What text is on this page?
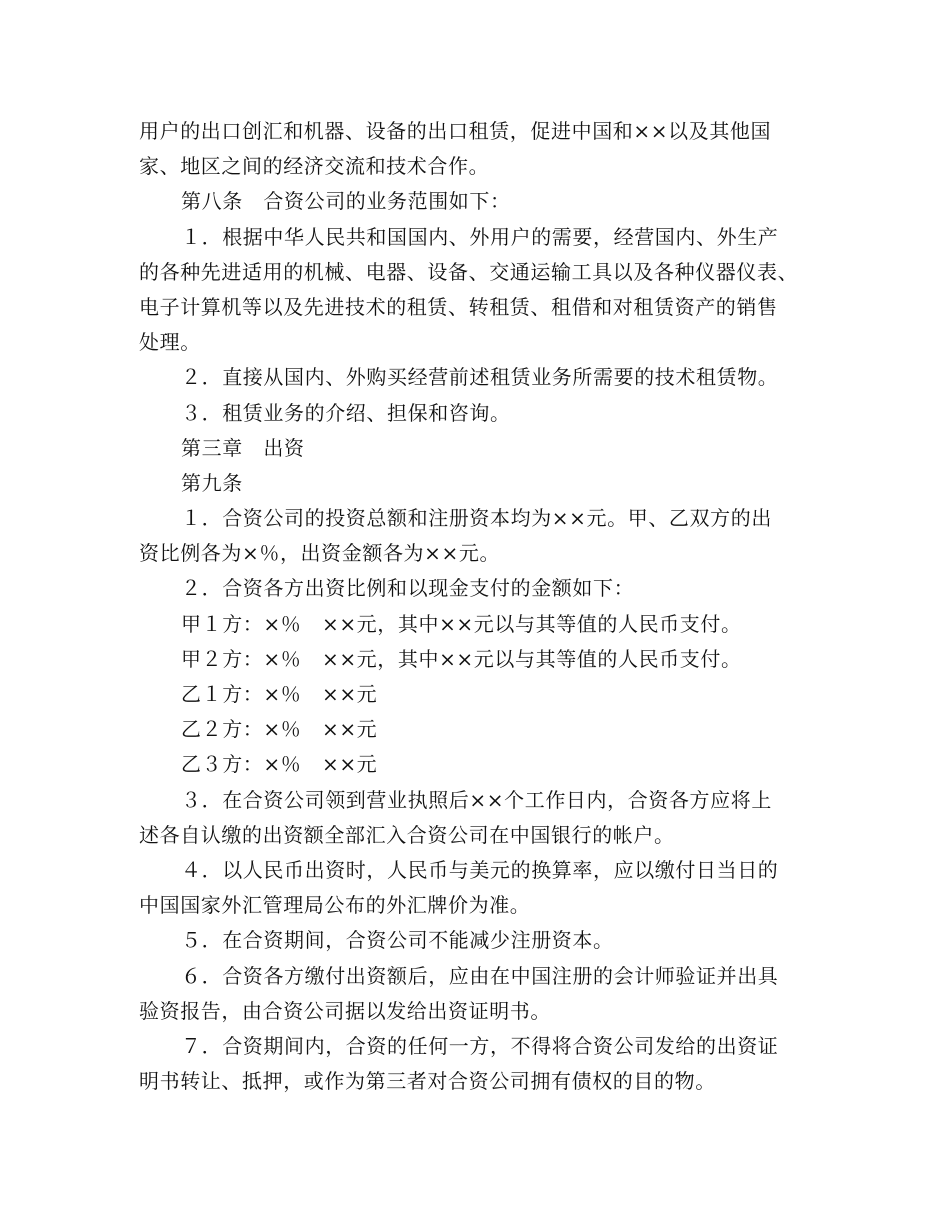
用户的出口创汇和机器、设备的出口租赁，促进中国和××以及其他国
家、地区之间的经济交流和技术合作。
第八条　合资公司的业务范围如下：
１．根据中华人民共和国国内、外用户的需要，经营国内、外生产
的各种先进适用的机械、电器、设备、交通运输工具以及各种仪器仪表、
电子计算机等以及先进技术的租赁、转租赁、租借和对租赁资产的销售
处理。
２．直接从国内、外购买经营前述租赁业务所需要的技术租赁物。
３．租赁业务的介绍、担保和咨询。
第三章　出资
第九条
１．合资公司的投资总额和注册资本均为××元。甲、乙双方的出
资比例各为×％，出资金额各为××元。
２．合资各方出资比例和以现金支付的金额如下：
甲１方：×％　××元，其中××元以与其等值的人民币支付。
甲２方：×％　××元，其中××元以与其等值的人民币支付。
乙１方：×％　××元
乙２方：×％　××元
乙３方：×％　××元
３．在合资公司领到营业执照后××个工作日内，合资各方应将上
述各自认缴的出资额全部汇入合资公司在中国银行的帐户。
４．以人民币出资时，人民币与美元的换算率，应以缴付日当日的
中国国家外汇管理局公布的外汇牌价为准。
５．在合资期间，合资公司不能减少注册资本。
６．合资各方缴付出资额后，应由在中国注册的会计师验证并出具
验资报告，由合资公司据以发给出资证明书。
７．合资期间内，合资的任何一方，不得将合资公司发给的出资证
明书转让、抵押，或作为第三者对合资公司拥有债权的目的物。
